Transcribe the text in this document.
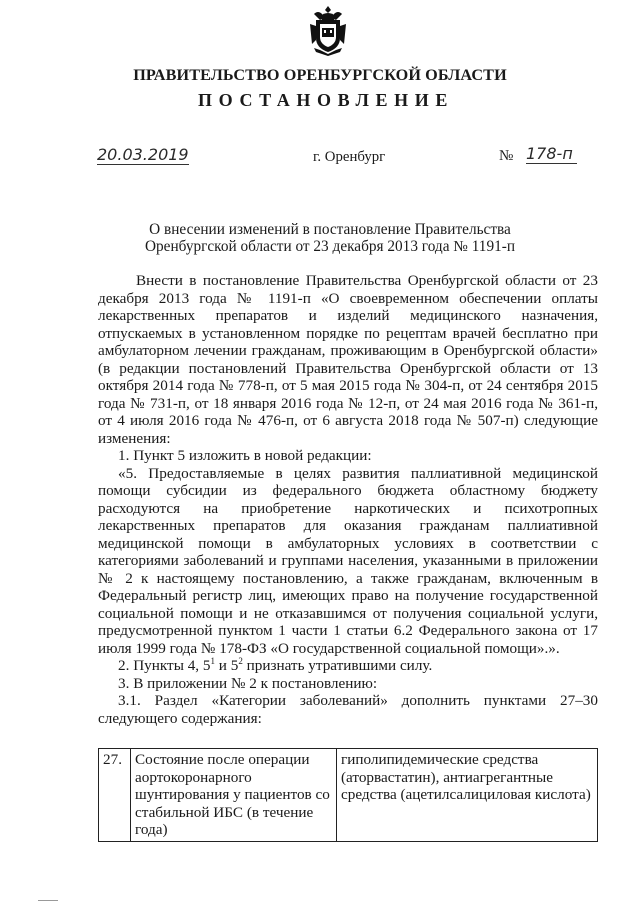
ПРАВИТЕЛЬСТВО ОРЕНБУРГСКОЙ ОБЛАСТИ
ПОСТАНОВЛЕНИЕ
20.03.2019	г. Оренбург	№ 178-п
О внесении изменений в постановление Правительства Оренбургской области от 23 декабря 2013 года № 1191-п

Внести в постановление Правительства Оренбургской области от 23 декабря 2013 года № 1191-п «О своевременном обеспечении оплаты лекарственных препаратов и изделий медицинского назначения, отпускаемых в установленном порядке по рецептам врачей бесплатно при амбулаторном лечении гражданам, проживающим в Оренбургской области» (в редакции постановлений Правительства Оренбургской области от 13 октября 2014 года № 778-п, от 5 мая 2015 года № 304-п, от 24 сентября 2015 года № 731-п, от 18 января 2016 года № 12-п, от 24 мая 2016 года № 361-п, от 4 июля 2016 года № 476-п, от 6 августа 2018 года № 507-п) следующие изменения:

1. Пункт 5 изложить в новой редакции:

«5. Предоставляемые в целях развития паллиативной медицинской помощи субсидии из федерального бюджета областному бюджету расходуются на приобретение наркотических и психотропных лекарственных препаратов для оказания гражданам паллиативной медицинской помощи в амбулаторных условиях в соответствии с категориями заболеваний и группами населения, указанными в приложении № 2 к настоящему постановлению, а также гражданам, включенным в Федеральный регистр лиц, имеющих право на получение государственной социальной помощи и не отказавшимся от получения социальной услуги, предусмотренной пунктом 1 части 1 статьи 6.2 Федерального закона от 17 июля 1999 года № 178-ФЗ «О государственной социальной помощи».».

2. Пункты 4, $5^1$ и $5^2$ признать утратившими силу.

3. В приложении № 2 к постановлению:

3.1. Раздел «Категории заболеваний» дополнить пунктами 27–30 следующего содержания:

27.	Состояние после операции аортокоронарного шунтирования у пациентов со стабильной ИБС (в течение года)	гиполипидемические средства (аторвастатин), антиагрегантные средства (ацетилсалициловая кислота)
